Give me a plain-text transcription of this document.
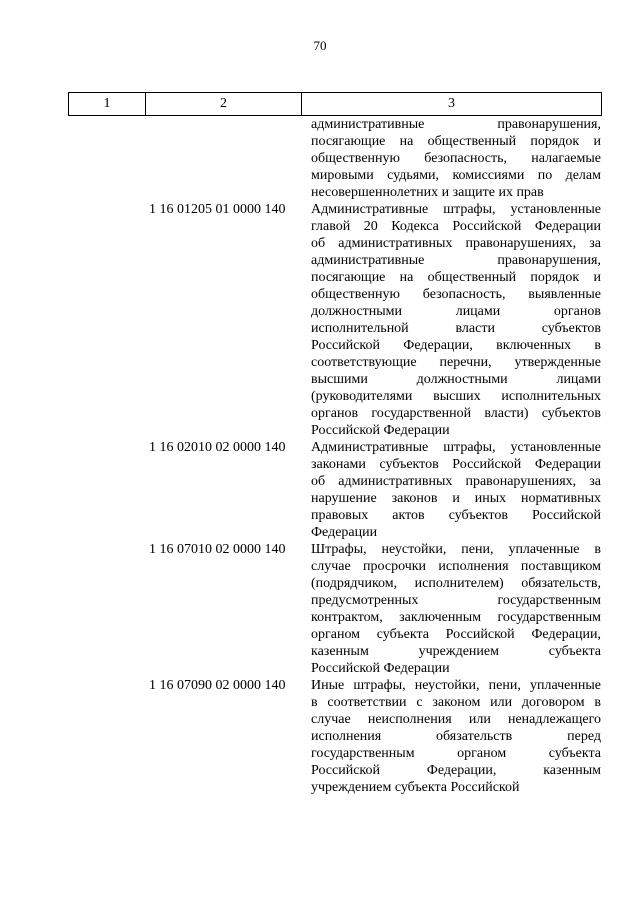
70
1	2	3
административные правонарушения,
посягающие на общественный порядок и
общественную безопасность, налагаемые
мировыми судьями, комиссиями по делам
несовершеннолетних и защите их прав
1 16 01205 01 0000 140	Административные штрафы, установленные
главой 20 Кодекса Российской Федерации
об административных правонарушениях, за
административные правонарушения,
посягающие на общественный порядок и
общественную безопасность, выявленные
должностными лицами органов
исполнительной власти субъектов
Российской Федерации, включенных в
соответствующие перечни, утвержденные
высшими должностными лицами
(руководителями высших исполнительных
органов государственной власти) субъектов
Российской Федерации
1 16 02010 02 0000 140	Административные штрафы, установленные
законами субъектов Российской Федерации
об административных правонарушениях, за
нарушение законов и иных нормативных
правовых актов субъектов Российской
Федерации
1 16 07010 02 0000 140	Штрафы, неустойки, пени, уплаченные в
случае просрочки исполнения поставщиком
(подрядчиком, исполнителем) обязательств,
предусмотренных государственным
контрактом, заключенным государственным
органом субъекта Российской Федерации,
казенным учреждением субъекта
Российской Федерации
1 16 07090 02 0000 140	Иные штрафы, неустойки, пени, уплаченные
в соответствии с законом или договором в
случае неисполнения или ненадлежащего
исполнения обязательств перед
государственным органом субъекта
Российской Федерации, казенным
учреждением субъекта Российской
